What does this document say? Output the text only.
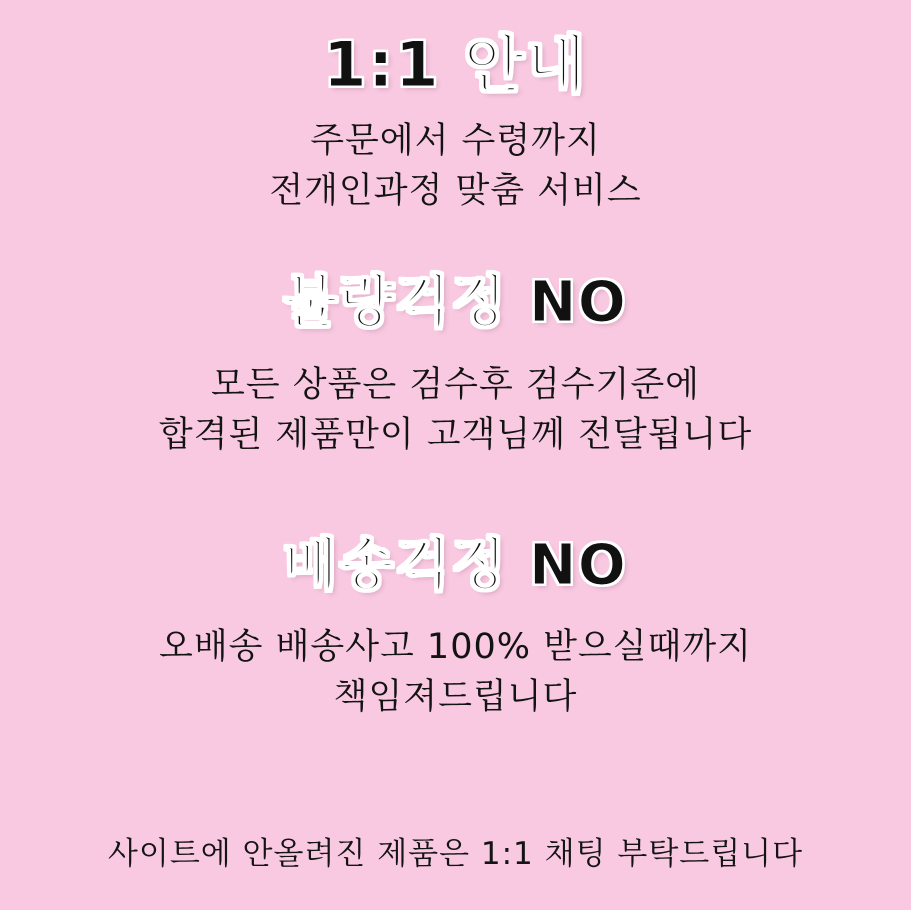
1:1 안내
주문에서 수령까지
전개인과정 맞춤 서비스
불량걱정 NO
모든 상품은 검수후 검수기준에
합격된 제품만이 고객님께 전달됩니다
배송걱정 NO
오배송 배송사고 100% 받으실때까지
책임져드립니다
사이트에 안올려진 제품은 1:1 채팅 부탁드립니다
